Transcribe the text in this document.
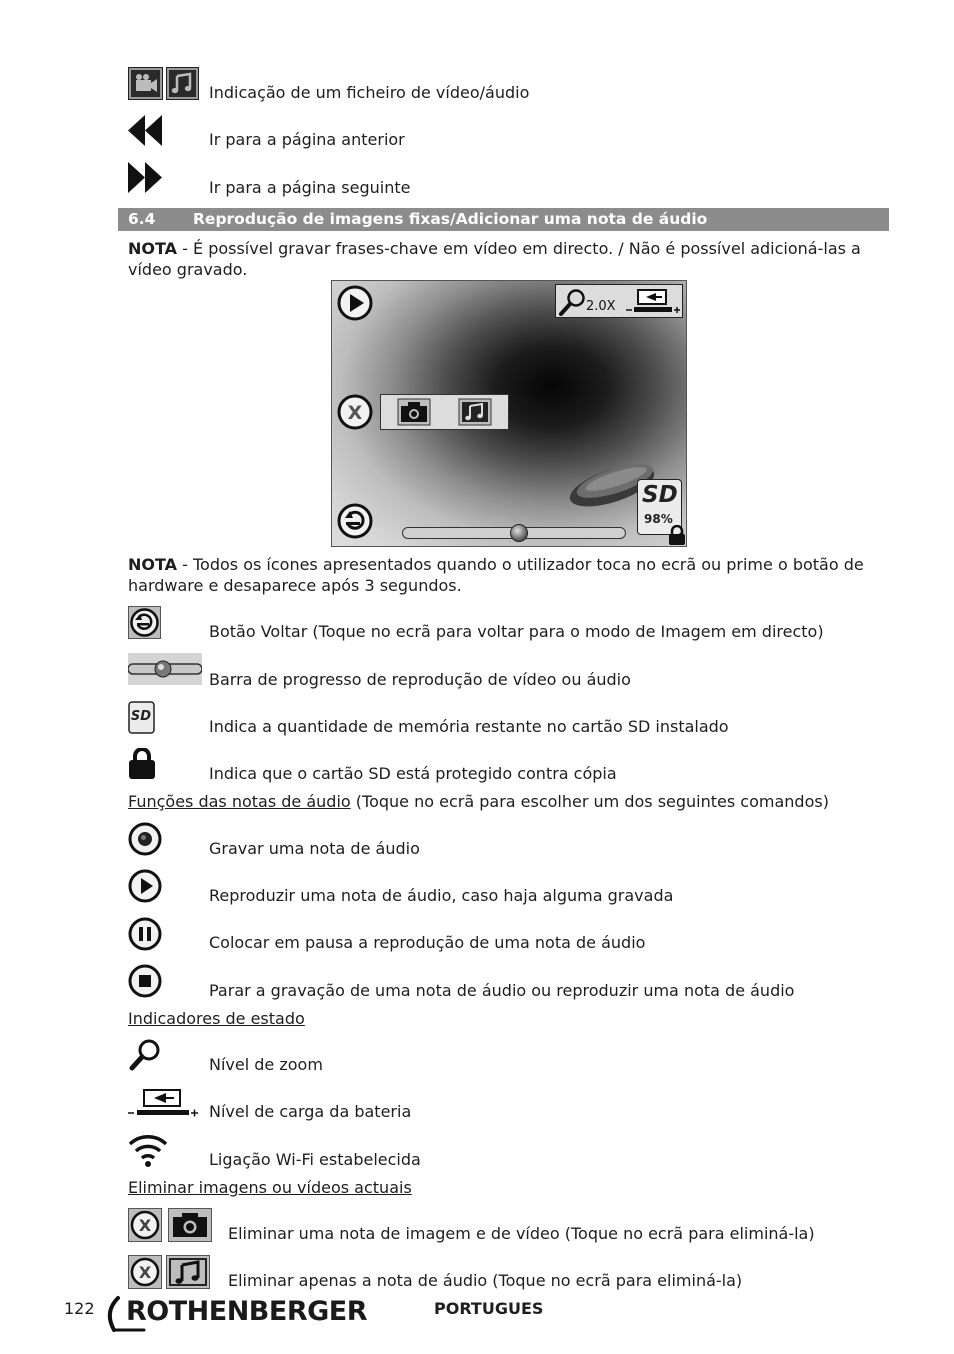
Indicação de um ficheiro de vídeo/áudio
Ir para a página anterior
Ir para a página seguinte
6.4 Reprodução de imagens fixas/Adicionar uma nota de áudio
NOTA - É possível gravar frases-chave em vídeo em directo. / Não é possível adicioná-las a vídeo gravado.
2.0X
X
SD
98%
NOTA - Todos os ícones apresentados quando o utilizador toca no ecrã ou prime o botão de hardware e desaparece após 3 segundos.
Botão Voltar (Toque no ecrã para voltar para o modo de Imagem em directo)
Barra de progresso de reprodução de vídeo ou áudio
SD
Indica a quantidade de memória restante no cartão SD instalado
Indica que o cartão SD está protegido contra cópia
Funções das notas de áudio (Toque no ecrã para escolher um dos seguintes comandos)
Gravar uma nota de áudio
Reproduzir uma nota de áudio, caso haja alguma gravada
Colocar em pausa a reprodução de uma nota de áudio
Parar a gravação de uma nota de áudio ou reproduzir uma nota de áudio
Indicadores de estado
Nível de zoom
Nível de carga da bateria
Ligação Wi-Fi estabelecida
Eliminar imagens ou vídeos actuais
X	Eliminar uma nota de imagem e de vídeo (Toque no ecrã para eliminá-la)
X	Eliminar apenas a nota de áudio (Toque no ecrã para eliminá-la)
122 ROTHENBERGER	PORTUGUES
